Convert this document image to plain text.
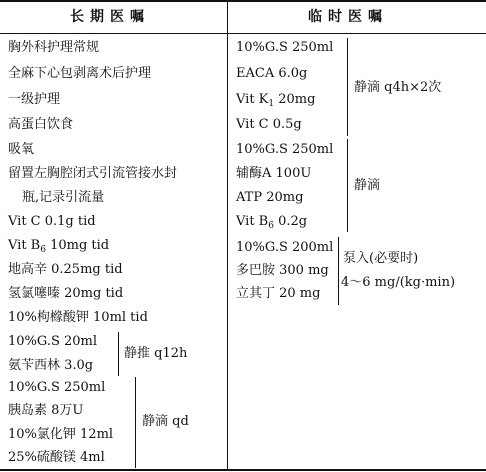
长期医嘱	临时医嘱
胸外科护理常规
全麻下心包剥离术后护理
一级护理
高蛋白饮食
吸氧
留置左胸腔闭式引流管接水封
瓶,记录引流量
Vit C 0.1g tid
Vit $B_6$ 10mg tid
地高辛 0.25mg tid
氢氯噻嗪 20mg tid
10%枸橼酸钾 10ml tid
10%G.S 20ml
氨苄西林 3.0g
静推 q12h
10%G.S 250ml
胰岛素 8万U
10%氯化钾 12ml
25%硫酸镁 4ml
静滴 qd
10%G.S 250ml
EACA 6.0g
Vit $K_1$ 20mg
Vit C 0.5g
静滴 q4h×2次
10%G.S 250ml
辅酶A 100U
ATP 20mg
Vit $B_6$ 0.2g
静滴
10%G.S 200ml
多巴胺 300 mg
立其丁 20 mg
泵入(必要时)
4～6 mg/(kg·min)
